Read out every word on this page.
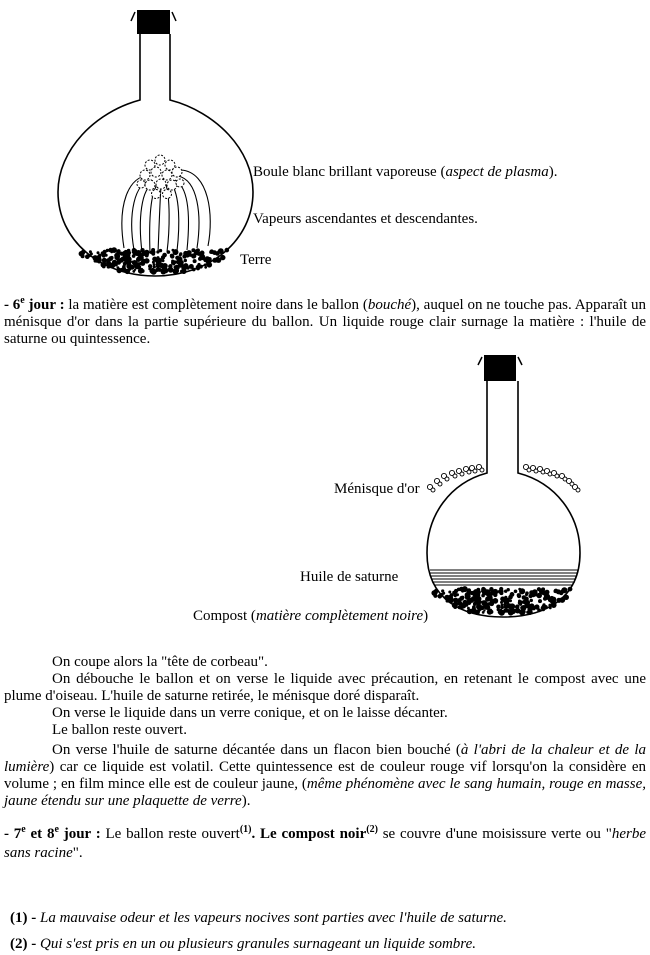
Boule blanc brillant vaporeuse (aspect de plasma).
Vapeurs ascendantes et descendantes.
Terre
- 6e jour : la matière est complètement noire dans le ballon (bouché), auquel on ne touche pas. Apparaît un ménisque d'or dans la partie supérieure du ballon. Un liquide rouge clair surnage la matière : l'huile de saturne ou quintessence.
Ménisque d'or
Huile de saturne
Compost (matière complètement noire)
On coupe alors la "tête de corbeau".
On débouche le ballon et on verse le liquide avec précaution, en retenant le compost avec une plume d'oiseau. L'huile de saturne retirée, le ménisque doré disparaît.
On verse le liquide dans un verre conique, et on le laisse décanter.
Le ballon reste ouvert.
On verse l'huile de saturne décantée dans un flacon bien bouché (à l'abri de la chaleur et de la lumière) car ce liquide est volatil. Cette quintessence est de couleur rouge vif lorsqu'on la considère en volume ; en film mince elle est de couleur jaune, (même phénomène avec le sang humain, rouge en masse, jaune étendu sur une plaquette de verre).
- 7e et 8e jour : Le ballon reste ouvert$^{(1)}$. Le compost noir$^{(2)}$ se couvre d'une moisissure verte ou "herbe sans racine".
(1) - La mauvaise odeur et les vapeurs nocives sont parties avec l'huile de saturne.
(2) - Qui s'est pris en un ou plusieurs granules surnageant un liquide sombre.
